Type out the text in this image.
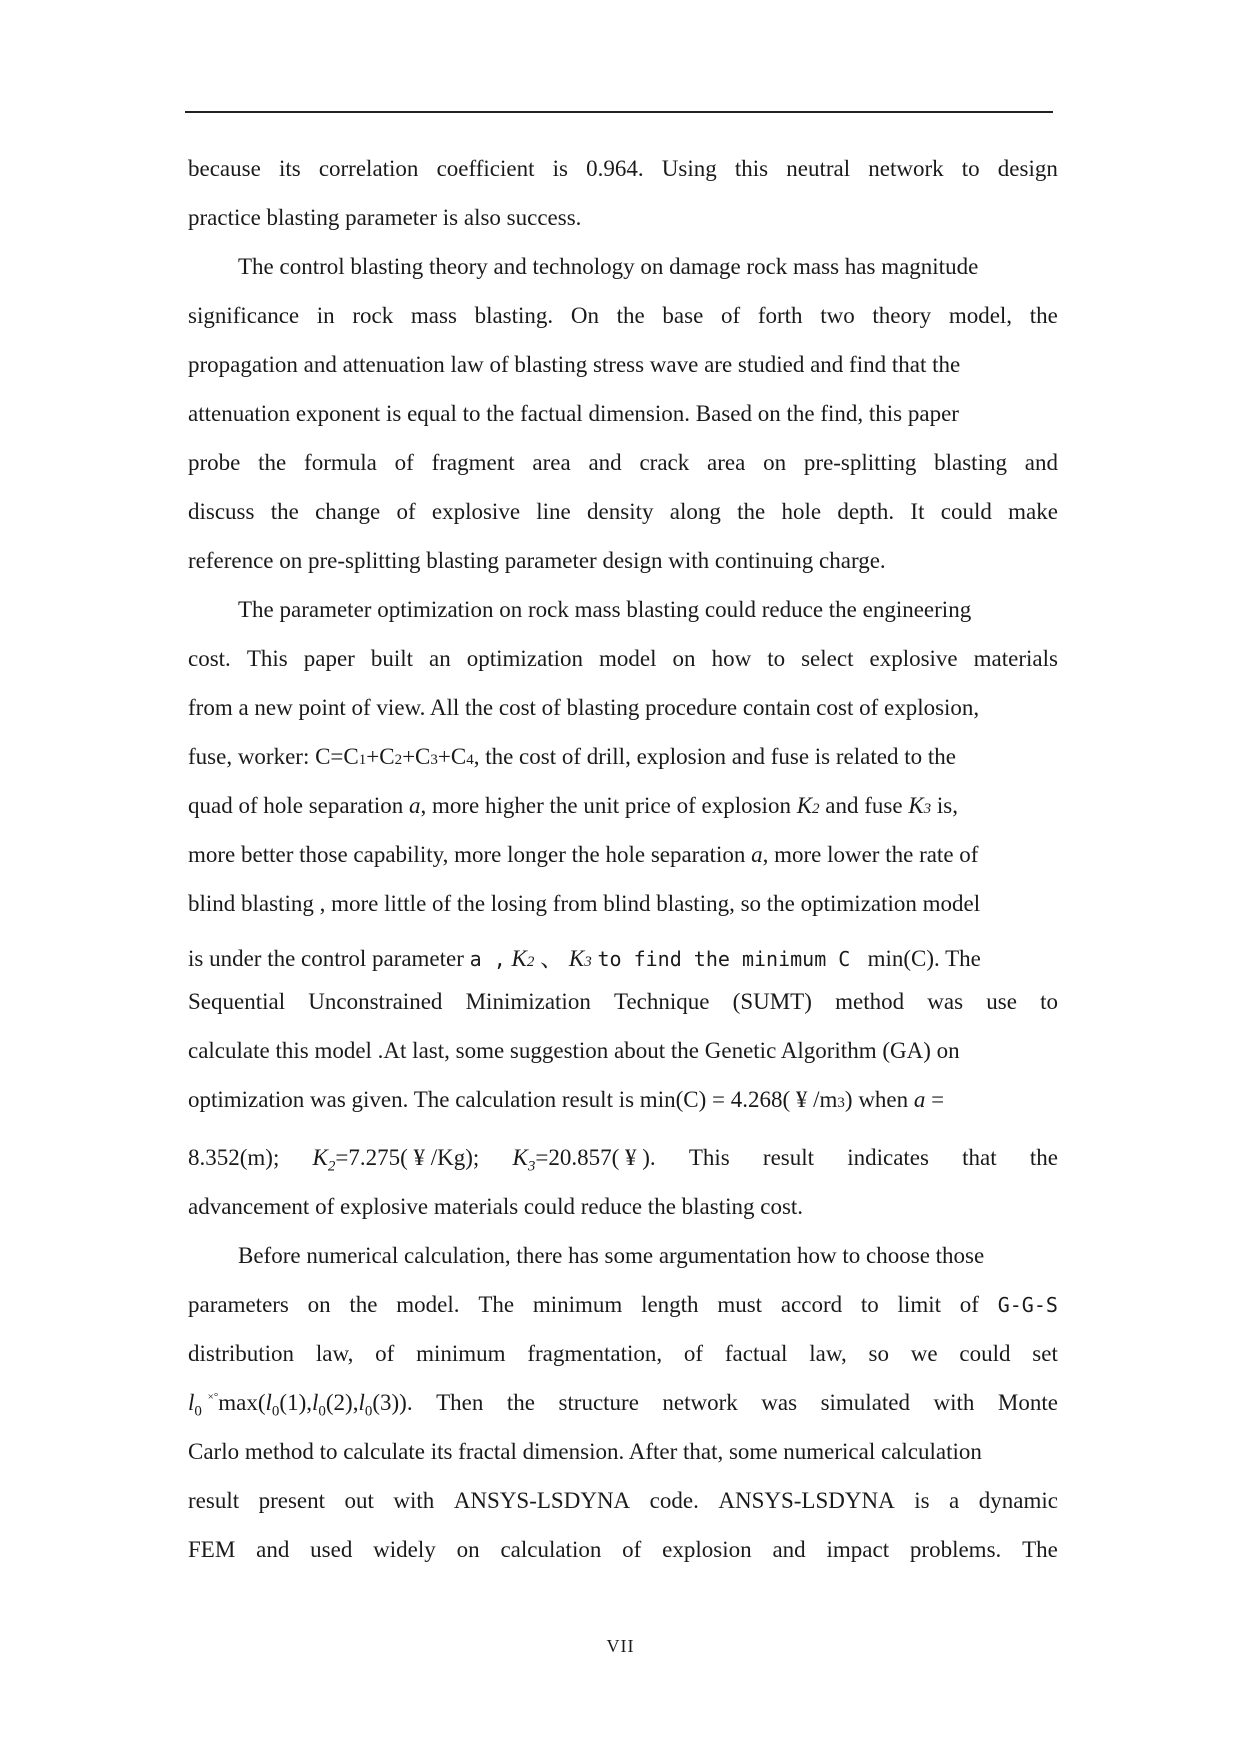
because its correlation coefficient is 0.964. Using this neutral network to design
practice blasting parameter is also success.
The control blasting theory and technology on damage rock mass has magnitude
significance in rock mass blasting. On the base of forth two theory model, the
propagation and attenuation law of blasting stress wave are studied and find that the
attenuation exponent is equal to the factual dimension. Based on the find, this paper
probe the formula of fragment area and crack area on pre-splitting blasting and
discuss the change of explosive line density along the hole depth. It could make
reference on pre-splitting blasting parameter design with continuing charge.
The parameter optimization on rock mass blasting could reduce the engineering
cost. This paper built an optimization model on how to select explosive materials
from a new point of view. All the cost of blasting procedure contain cost of explosion,
fuse, worker: C=C 1 +C 2 +C 3 +C 4 , the cost of drill, explosion and fuse is related to the
quad of hole separation
a , more higher the unit price of explosion
K 2
and fuse
K 3
is,
more better those capability, more longer the hole separation
a , more lower the rate of
blind blasting , more little of the losing from blind blasting, so the optimization model
is under the control parameter
a ,
K 2
、
K 3
to find the minimum C
min(C). The
Sequential Unconstrained Minimization Technique (SUMT) method was use to
calculate this model .At last, some suggestion about the Genetic Algorithm (GA) on
optimization was given. The calculation result is min(C) = 4.268( ¥ /m 3 ) when
a
=
8.352(m); $K_2=7.275$( ¥ /Kg); $K_3=20.857$( ¥ ). This result indicates that the
advancement of explosive materials could reduce the blasting cost.
Before numerical calculation, there has some argumentation how to choose those
parameters on the model. The minimum length must accord to limit of G-G-S
distribution law, of minimum fragmentation, of factual law, so we could set
$l_0$ $^{\times^\circ}\max(l_0(1),l_0(2),l_0(3))$. Then the structure network was simulated with Monte
Carlo method to calculate its fractal dimension. After that, some numerical calculation
result present out with ANSYS-LSDYNA code. ANSYS-LSDYNA is a dynamic
FEM and used widely on calculation of explosion and impact problems. The
VII
